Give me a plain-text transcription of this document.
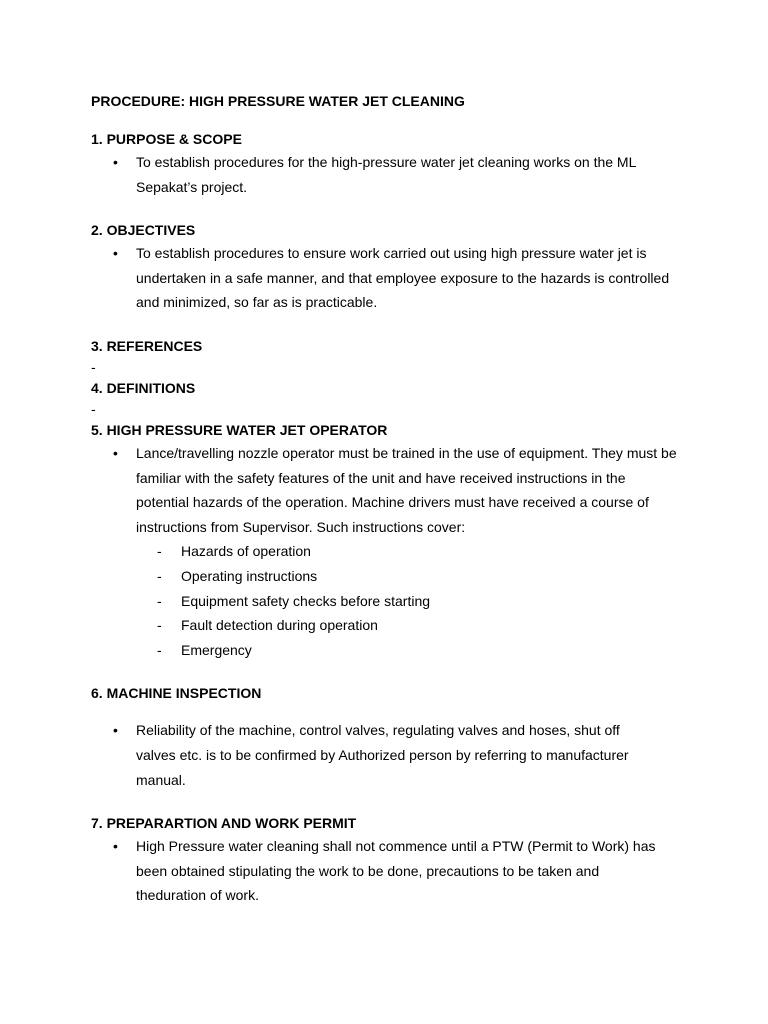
PROCEDURE: HIGH PRESSURE WATER JET CLEANING
1. PURPOSE & SCOPE
• To establish procedures for the high-pressure water jet cleaning works on the ML Sepakat’s project.
2. OBJECTIVES
• To establish procedures to ensure work carried out using high pressure water jet is undertaken in a safe manner, and that employee exposure to the hazards is controlled and minimized, so far as is practicable.
3. REFERENCES
-
4. DEFINITIONS
-
5. HIGH PRESSURE WATER JET OPERATOR
• Lance/travelling nozzle operator must be trained in the use of equipment. They must be familiar with the safety features of the unit and have received instructions in the potential hazards of the operation. Machine drivers must have received a course of instructions from Supervisor. Such instructions cover:
- Hazards of operation
- Operating instructions
- Equipment safety checks before starting
- Fault detection during operation
- Emergency
6. MACHINE INSPECTION
• Reliability of the machine, control valves, regulating valves and hoses, shut off valves etc. is to be confirmed by Authorized person by referring to manufacturer manual.
7. PREPARARTION AND WORK PERMIT
• High Pressure water cleaning shall not commence until a PTW (Permit to Work) has been obtained stipulating the work to be done, precautions to be taken and theduration of work.
